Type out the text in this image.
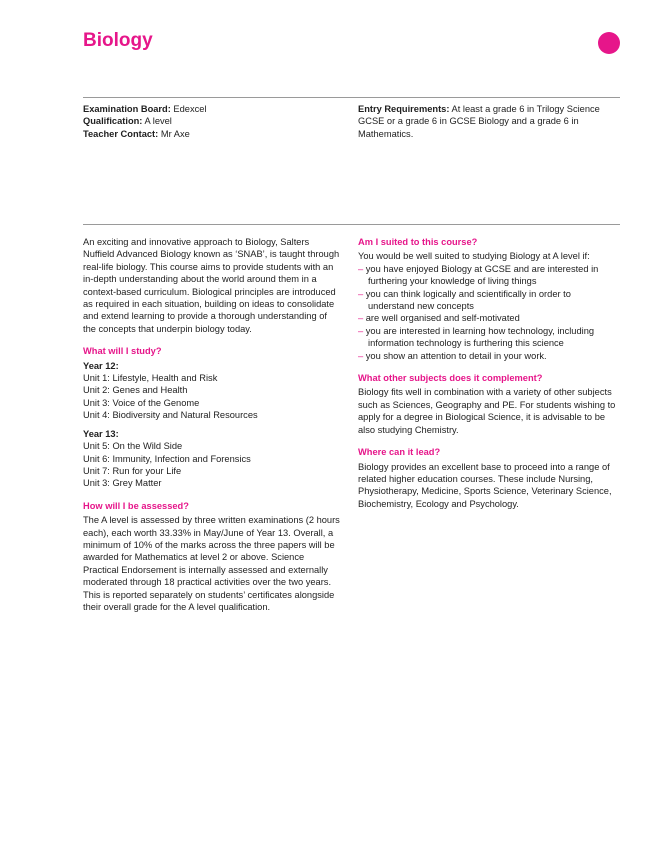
Biology
Examination Board: Edexcel
Qualification: A level
Teacher Contact: Mr Axe
Entry Requirements: At least a grade 6 in Trilogy Science GCSE or a grade 6 in GCSE Biology and a grade 6 in Mathematics.

An exciting and innovative approach to Biology, Salters Nuffield Advanced Biology known as ‘SNAB’, is taught through real-life biology. This course aims to provide students with an in-depth understanding about the world around them in a context-based curriculum. Biological principles are introduced as required in each situation, building on ideas to consolidate and extend learning to provide a thorough understanding of the concepts that underpin biology today.

What will I study?
Year 12:
Unit 1: Lifestyle, Health and Risk
Unit 2: Genes and Health
Unit 3: Voice of the Genome
Unit 4: Biodiversity and Natural Resources
Year 13:
Unit 5: On the Wild Side
Unit 6: Immunity, Infection and Forensics
Unit 7: Run for your Life
Unit 3: Grey Matter
How will I be assessed?

The A level is assessed by three written examinations (2 hours each), each worth 33.33% in May/June of Year 13. Overall, a minimum of 10% of the marks across the three papers will be awarded for Mathematics at level 2 or above. Science Practical Endorsement is internally assessed and externally moderated through 18 practical activities over the two years. This is reported separately on students’ certificates alongside their overall grade for the A level qualification.

Am I suited to this course?
You would be well suited to studying Biology at A level if:
– you have enjoyed Biology at GCSE and are interested in furthering your knowledge of living things
– you can think logically and scientifically in order to understand new concepts
– are well organised and self-motivated
– you are interested in learning how technology, including information technology is furthering this science
– you show an attention to detail in your work.
What other subjects does it complement?

Biology fits well in combination with a variety of other subjects such as Sciences, Geography and PE. For students wishing to apply for a degree in Biological Science, it is advisable to be also studying Chemistry.

Where can it lead?

Biology provides an excellent base to proceed into a range of related higher education courses. These include Nursing, Physiotherapy, Medicine, Sports Science, Veterinary Science, Biochemistry, Ecology and Psychology.
